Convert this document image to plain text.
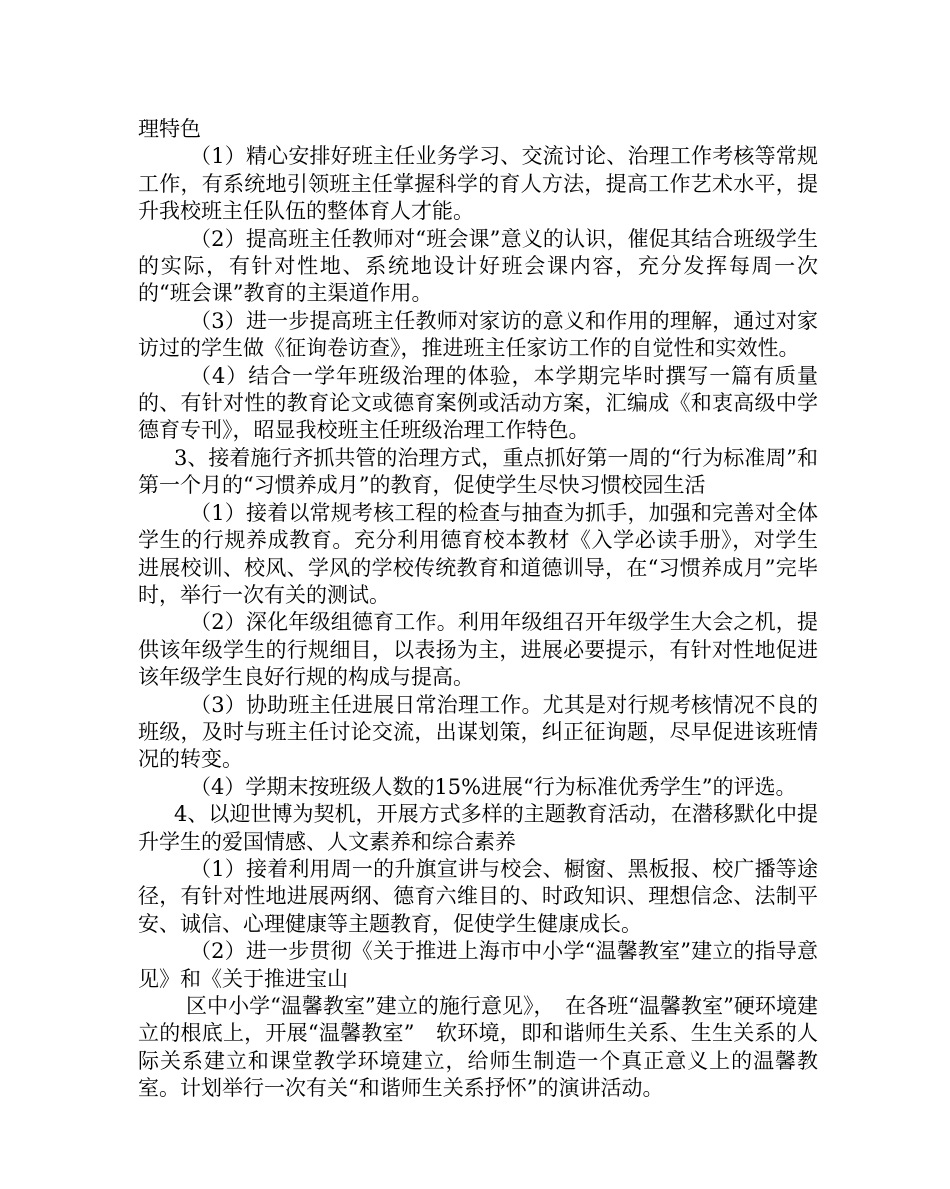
理特色

（1）精心安排好班主任业务学习、交流讨论、治理工作考核等常规工作，有系统地引领班主任掌握科学的育人方法，提高工作艺术水平，提升我校班主任队伍的整体育人才能。

（2）提高班主任教师对“班会课”意义的认识，催促其结合班级学生的实际，有针对性地、系统地设计好班会课内容，充分发挥每周一次的“班会课”教育的主渠道作用。

（3）进一步提高班主任教师对家访的意义和作用的理解，通过对家访过的学生做《征询卷访查》，推进班主任家访工作的自觉性和实效性。

（4）结合一学年班级治理的体验，本学期完毕时撰写一篇有质量的、有针对性的教育论文或德育案例或活动方案，汇编成《和衷高级中学德育专刊》，昭显我校班主任班级治理工作特色。

3、接着施行齐抓共管的治理方式，重点抓好第一周的“行为标准周”和第一个月的“习惯养成月”的教育，促使学生尽快习惯校园生活

（1）接着以常规考核工程的检查与抽查为抓手，加强和完善对全体学生的行规养成教育。充分利用德育校本教材《入学必读手册》，对学生进展校训、校风、学风的学校传统教育和道德训导，在“习惯养成月”完毕时，举行一次有关的测试。

（2）深化年级组德育工作。利用年级组召开年级学生大会之机，提供该年级学生的行规细目，以表扬为主，进展必要提示，有针对性地促进该年级学生良好行规的构成与提高。

（3）协助班主任进展日常治理工作。尤其是对行规考核情况不良的班级，及时与班主任讨论交流，出谋划策，纠正征询题，尽早促进该班情况的转变。

（4）学期末按班级人数的15%进展“行为标准优秀学生”的评选。

4、以迎世博为契机，开展方式多样的主题教育活动，在潜移默化中提升学生的爱国情感、人文素养和综合素养

（1）接着利用周一的升旗宣讲与校会、橱窗、黑板报、校广播等途径，有针对性地进展两纲、德育六维目的、时政知识、理想信念、法制平安、诚信、心理健康等主题教育，促使学生健康成长。

（2）进一步贯彻《关于推进上海市中小学“温馨教室”建立的指导意见》和《关于推进宝山

区中小学“温馨教室”建立的施行意见》，　在各班“温馨教室”硬环境建立的根底上，开展“温馨教室”　软环境，即和谐师生关系、生生关系的人际关系建立和课堂教学环境建立，给师生制造一个真正意义上的温馨教室。计划举行一次有关“和谐师生关系抒怀”的演讲活动。
